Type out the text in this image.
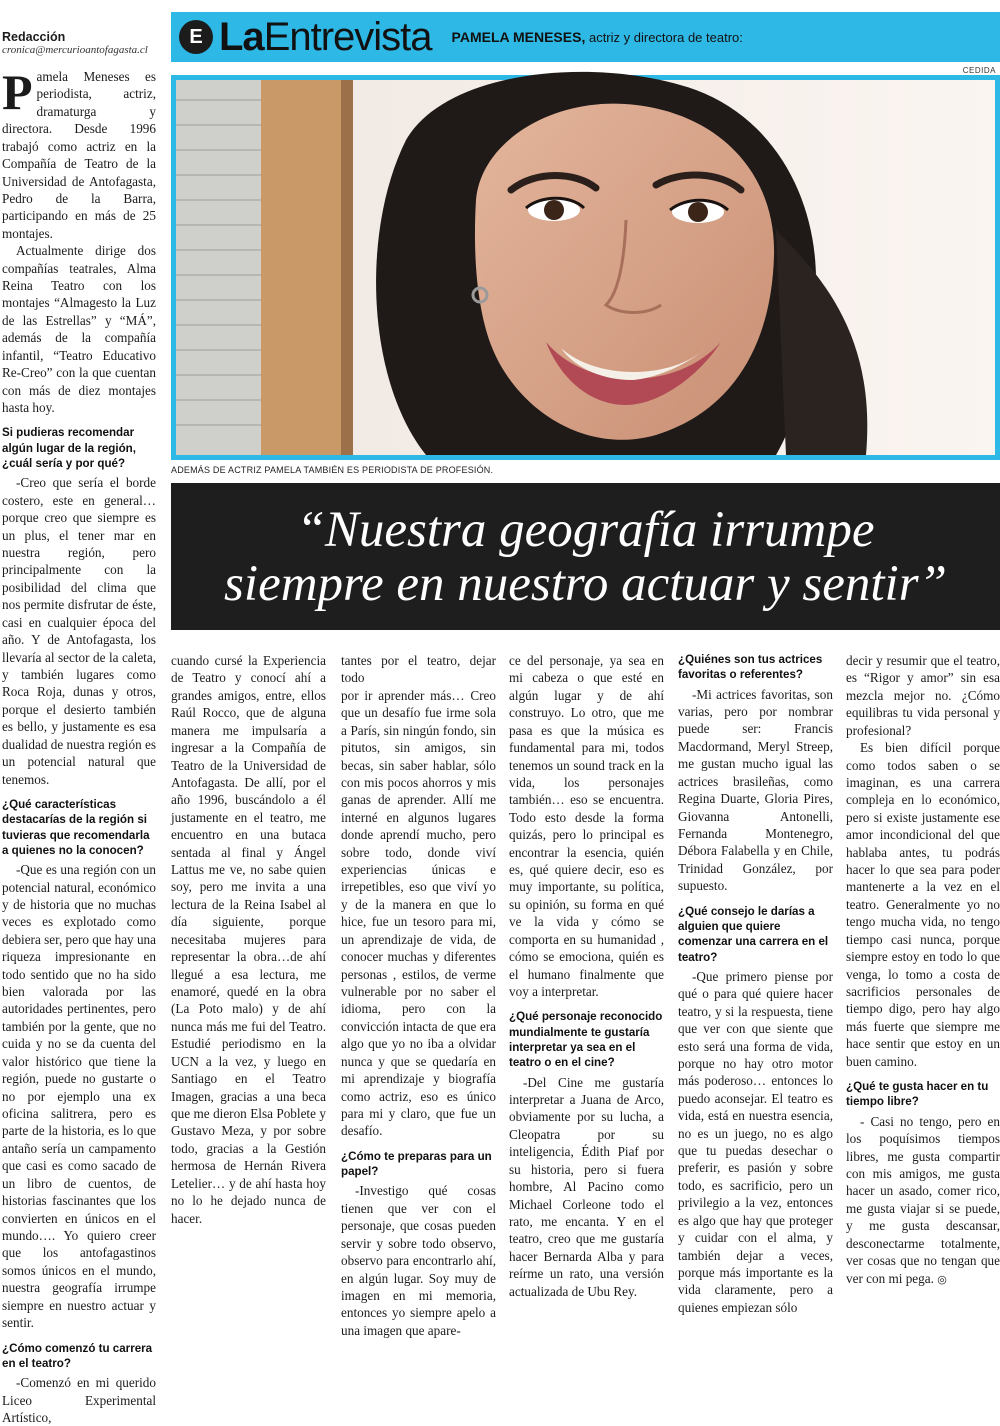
Redacción
cronica@mercurioantofagasta.cl

Pamela Meneses es periodista, actriz, dramaturga y directora. Desde 1996 trabajó como actriz en la Compañía de Teatro de la Universidad de Antofagasta, Pedro de la Barra, participando en más de 25 montajes.

Actualmente dirige dos compañías teatrales, Alma Reina Teatro con los montajes “Almagesto la Luz de las Estrellas” y “MÁ”, además de la compañía infantil, “Teatro Educativo Re-Creo” con la que cuentan con más de diez montajes hasta hoy.

Si pudieras recomendar algún lugar de la región, ¿cuál sería y por qué?

-Creo que sería el borde costero, este en general… porque creo que siempre es un plus, el tener mar en nuestra región, pero principalmente con la posibilidad del clima que nos permite disfrutar de éste, casi en cualquier época del año. Y de Antofagasta, los llevaría al sector de la caleta, y también lugares como Roca Roja, dunas y otros, porque el desierto también es bello, y justamente es esa dualidad de nuestra región es un potencial natural que tenemos.

¿Qué características destacarías de la región si tuvieras que recomendarla a quienes no la conocen?

-Que es una región con un potencial natural, económico y de historia que no muchas veces es explotado como debiera ser, pero que hay una riqueza impresionante en todo sentido que no ha sido bien valorada por las autoridades pertinentes, pero también por la gente, que no cuida y no se da cuenta del valor histórico que tiene la región, puede no gustarte o no por ejemplo una ex oficina salitrera, pero es parte de la historia, es lo que antaño sería un campamento que casi es como sacado de un libro de cuentos, de historias fascinantes que los convierten en únicos en el mundo…. Yo quiero creer que los antofagastinos somos únicos en el mundo, nuestra geografía irrumpe siempre en nuestro actuar y sentir.

¿Cómo comenzó tu carrera en el teatro?

-Comenzó en mi querido Liceo Experimental Artístico,

E La Entrevista PAMELA MENESES, actriz y directora de teatro:
CEDIDA
ADEMÁS DE ACTRIZ PAMELA TAMBIÉN ES PERIODISTA DE PROFESIÓN.
“Nuestra geografía irrumpe
siempre en nuestro actuar y sentir”

cuando cursé la Experiencia de Teatro y conocí ahí a grandes amigos, entre, ellos Raúl Rocco, que de alguna manera me impulsaría a ingresar a la Compañía de Teatro de la Universidad de Antofagasta. De allí, por el año 1996, buscándolo a él justamente en el teatro, me encuentro en una butaca sentada al final y Ángel Lattus me ve, no sabe quien soy, pero me invita a una lectura de la Reina Isabel al día siguiente, porque necesitaba mujeres para representar la obra…de ahí llegué a esa lectura, me enamoré, quedé en la obra (La Poto malo) y de ahí nunca más me fui del Teatro. Estudié periodismo en la UCN a la vez, y luego en Santiago en el Teatro Imagen, gracias a una beca que me dieron Elsa Poblete y Gustavo Meza, y por sobre todo, gracias a la Gestión hermosa de Hernán Rivera Letelier… y de ahí hasta hoy no lo he dejado nunca de hacer.

tantes por el teatro, dejar todo

por ir aprender más… Creo que un desafío fue irme sola a París, sin ningún fondo, sin pitutos, sin amigos, sin becas, sin saber hablar, sólo con mis pocos ahorros y mis ganas de aprender. Allí me interné en algunos lugares donde aprendí mucho, pero sobre todo, donde viví experiencias únicas e irrepetibles, eso que viví yo y de la manera en que lo hice, fue un tesoro para mi, un aprendizaje de vida, de conocer muchas y diferentes personas , estilos, de verme vulnerable por no saber el idioma, pero con la convicción intacta de que era algo que yo no iba a olvidar nunca y que se quedaría en mi aprendizaje y biografía como actriz, eso es único para mi y claro, que fue un desafío.

¿Cómo te preparas para un papel?

-Investigo qué cosas tienen que ver con el personaje, que cosas pueden servir y sobre todo observo, observo para encontrarlo ahí, en algún lugar. Soy muy de imagen en mi memoria, entonces yo siempre apelo a una imagen que apare-

ce del personaje, ya sea en mi cabeza o que esté en algún lugar y de ahí construyo. Lo otro, que me pasa es que la música es fundamental para mi, todos tenemos un sound track en la vida, los personajes también… eso se encuentra. Todo esto desde la forma quizás, pero lo principal es encontrar la esencia, quién es, qué quiere decir, eso es muy importante, su política, su opinión, su forma en qué ve la vida y cómo se comporta en su humanidad , cómo se emociona, quién es el humano finalmente que voy a interpretar.

¿Qué personaje reconocido mundialmente te gustaría interpretar ya sea en el teatro o en el cine?

-Del Cine me gustaría interpretar a Juana de Arco, obviamente por su lucha, a Cleopatra por su inteligencia, Édith Piaf por su historia, pero si fuera hombre, Al Pacino como Michael Corleone todo el rato, me encanta. Y en el teatro, creo que me gustaría hacer Bernarda Alba y para reírme un rato, una versión actualizada de Ubu Rey.

¿Quiénes son tus actrices favoritas o referentes?

-Mi actrices favoritas, son varias, pero por nombrar puede ser: Francis Macdormand, Meryl Streep, me gustan mucho igual las actrices brasileñas, como Regina Duarte, Gloria Pires, Giovanna Antonelli, Fernanda Montenegro, Débora Falabella y en Chile, Trinidad González, por supuesto.

¿Qué consejo le darías a alguien que quiere comenzar una carrera en el teatro?

-Que primero piense por qué o para qué quiere hacer teatro, y si la respuesta, tiene que ver con que siente que esto será una forma de vida, porque no hay otro motor más poderoso… entonces lo puedo aconsejar. El teatro es vida, está en nuestra esencia, no es un juego, no es algo que tu puedas desechar o preferir, es pasión y sobre todo, es sacrificio, pero un privilegio a la vez, entonces es algo que hay que proteger y cuidar con el alma, y también dejar a veces, porque más importante es la vida claramente, pero a quienes empiezan sólo

decir y resumir que el teatro, es “Rigor y amor” sin esa mezcla mejor no. ¿Cómo equilibras tu vida personal y profesional?

Es bien difícil porque como todos saben o se imaginan, es una carrera compleja en lo económico, pero si existe justamente ese amor incondicional del que hablaba antes, tu podrás hacer lo que sea para poder mantenerte a la vez en el teatro. Generalmente yo no tengo mucha vida, no tengo tiempo casi nunca, porque siempre estoy en todo lo que venga, lo tomo a costa de sacrificios personales de tiempo digo, pero hay algo más fuerte que siempre me hace sentir que estoy en un buen camino.

¿Qué te gusta hacer en tu tiempo libre?

- Casi no tengo, pero en los poquísimos tiempos libres, me gusta compartir con mis amigos, me gusta hacer un asado, comer rico, me gusta viajar si se puede, y me gusta descansar, desconectarme totalmente, ver cosas que no tengan que ver con mi pega. ◎
